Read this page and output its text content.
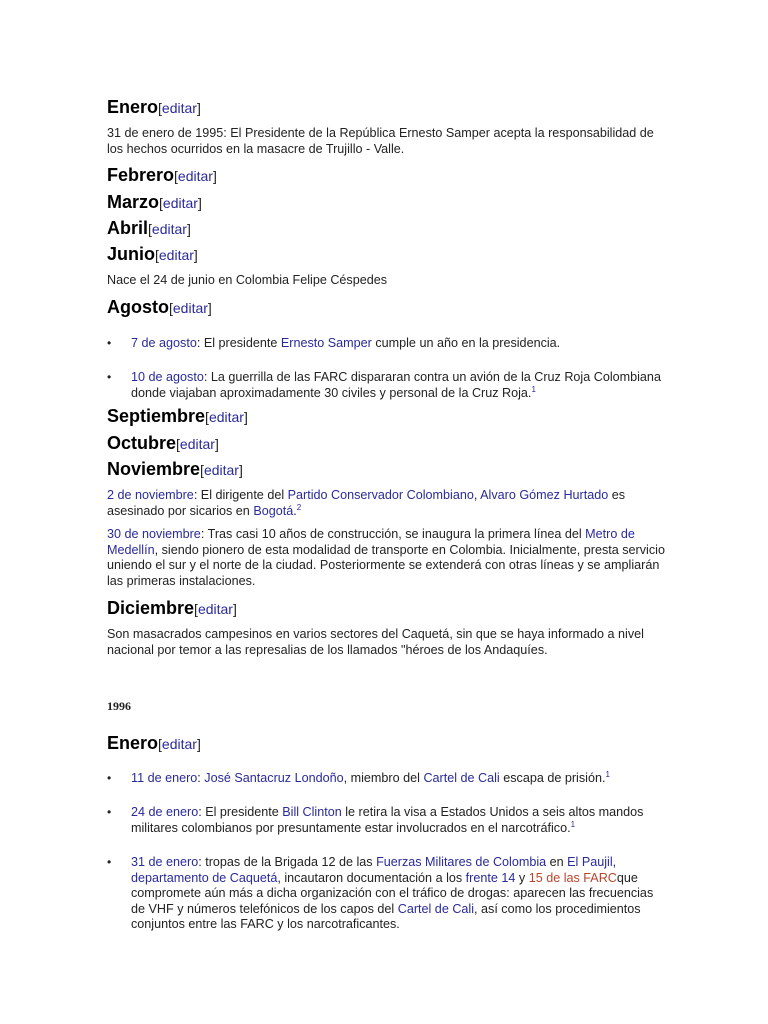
Enero[editar]
31 de enero de 1995: El Presidente de la República Ernesto Samper acepta la responsabilidad de los hechos ocurridos en la masacre de Trujillo - Valle.
Febrero[editar]
Marzo[editar]
Abril[editar]
Junio[editar]
Nace el 24 de junio en Colombia Felipe Céspedes
Agosto[editar]
• 7 de agosto: El presidente Ernesto Samper cumple un año en la presidencia.
• 10 de agosto: La guerrilla de las FARC dispararan contra un avión de la Cruz Roja Colombiana donde viajaban aproximadamente 30 civiles y personal de la Cruz Roja.$^1$
Septiembre[editar]
Octubre[editar]
Noviembre[editar]
2 de noviembre: El dirigente del Partido Conservador Colombiano, Alvaro Gómez Hurtado es asesinado por sicarios en Bogotá.$^2$
30 de noviembre: Tras casi 10 años de construcción, se inaugura la primera línea del Metro de Medellín, siendo pionero de esta modalidad de transporte en Colombia. Inicialmente, presta servicio uniendo el sur y el norte de la ciudad. Posteriormente se extenderá con otras líneas y se ampliarán las primeras instalaciones.
Diciembre[editar]
Son masacrados campesinos en varios sectores del Caquetá, sin que se haya informado a nivel nacional por temor a las represalias de los llamados "héroes de los Andaquíes.
1996
Enero[editar]
• 11 de enero: José Santacruz Londoño, miembro del Cartel de Cali escapa de prisión.$^1$
• 24 de enero: El presidente Bill Clinton le retira la visa a Estados Unidos a seis altos mandos militares colombianos por presuntamente estar involucrados en el narcotráfico.$^1$
• 31 de enero: tropas de la Brigada 12 de las Fuerzas Militares de Colombia en El Paujil, departamento de Caquetá, incautaron documentación a los frente 14 y 15 de las FARCque compromete aún más a dicha organización con el tráfico de drogas: aparecen las frecuencias de VHF y números telefónicos de los capos del Cartel de Cali, así como los procedimientos conjuntos entre las FARC y los narcotraficantes.
